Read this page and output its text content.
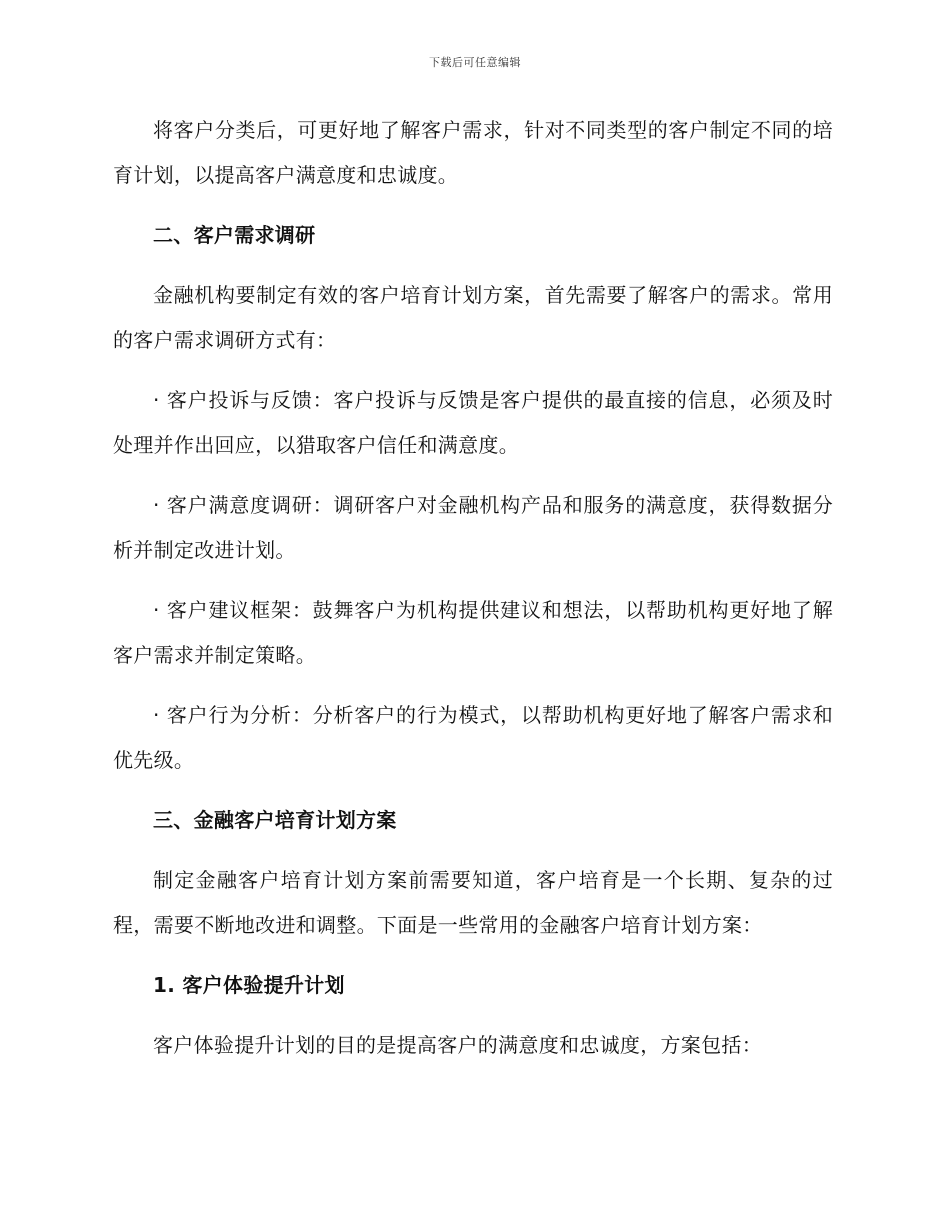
下载后可任意编辑

将客户分类后，可更好地了解客户需求，针对不同类型的客户制定不同的培育计划，以提高客户满意度和忠诚度。

二、客户需求调研

金融机构要制定有效的客户培育计划方案，首先需要了解客户的需求。常用的客户需求调研方式有：

· 客户投诉与反馈：客户投诉与反馈是客户提供的最直接的信息，必须及时处理并作出回应，以猎取客户信任和满意度。

· 客户满意度调研：调研客户对金融机构产品和服务的满意度，获得数据分析并制定改进计划。

· 客户建议框架：鼓舞客户为机构提供建议和想法，以帮助机构更好地了解客户需求并制定策略。

· 客户行为分析：分析客户的行为模式，以帮助机构更好地了解客户需求和优先级。

三、金融客户培育计划方案

制定金融客户培育计划方案前需要知道，客户培育是一个长期、复杂的过程，需要不断地改进和调整。下面是一些常用的金融客户培育计划方案：

1. 客户体验提升计划

客户体验提升计划的目的是提高客户的满意度和忠诚度，方案包括：
